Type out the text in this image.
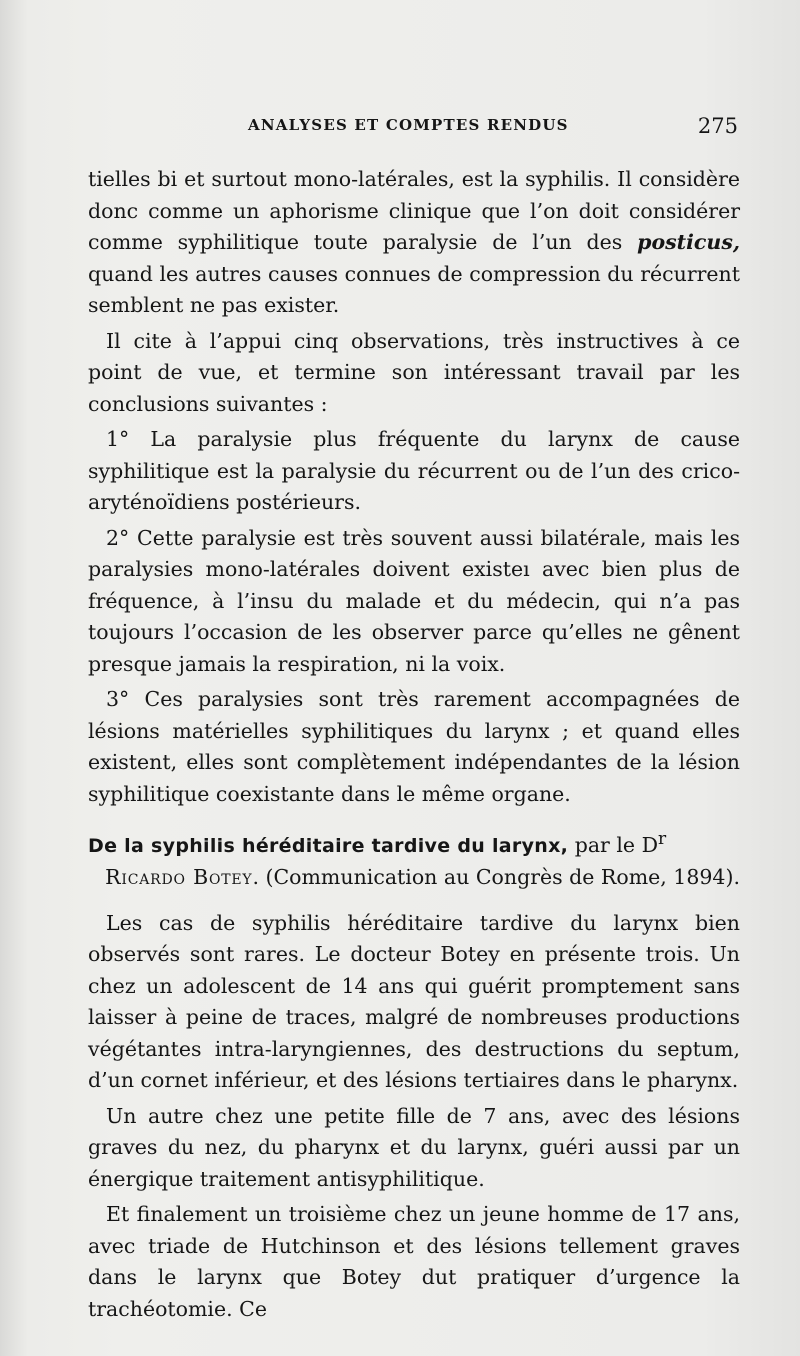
ANALYSES ET COMPTES RENDUS	275

tielles bi et surtout mono-latérales, est la syphilis. Il considère donc comme un aphorisme clinique que l’on doit considérer comme syphilitique toute paralysie de l’un des posticus, quand les autres causes connues de compression du récurrent semblent ne pas exister.

Il cite à l’appui cinq observations, très instructives à ce point de vue, et termine son intéressant travail par les conclusions suivantes :

1° La paralysie plus fréquente du larynx de cause syphilitique est la paralysie du récurrent ou de l’un des crico-aryténoïdiens postérieurs.

2° Cette paralysie est très souvent aussi bilatérale, mais les paralysies mono-latérales doivent existeı avec bien plus de fréquence, à l’insu du malade et du médecin, qui n’a pas toujours l’occasion de les observer parce qu’elles ne gênent presque jamais la respiration, ni la voix.

3° Ces paralysies sont très rarement accompagnées de lésions matérielles syphilitiques du larynx ; et quand elles existent, elles sont complètement indépendantes de la lésion syphilitique coexistante dans le même organe.

De la syphilis héréditaire tardive du larynx, par le $D^r$

Ricardo Botey. (Communication au Congrès de Rome, 1894).

Les cas de syphilis héréditaire tardive du larynx bien observés sont rares. Le docteur Botey en présente trois. Un chez un adolescent de 14 ans qui guérit promptement sans laisser à peine de traces, malgré de nombreuses productions végétantes intra-laryngiennes, des destructions du septum, d’un cornet inférieur, et des lésions tertiaires dans le pharynx.

Un autre chez une petite fille de 7 ans, avec des lésions graves du nez, du pharynx et du larynx, guéri aussi par un énergique traitement antisyphilitique.

Et finalement un troisième chez un jeune homme de 17 ans, avec triade de Hutchinson et des lésions tellement graves dans le larynx que Botey dut pratiquer d’urgence la trachéotomie. Ce
